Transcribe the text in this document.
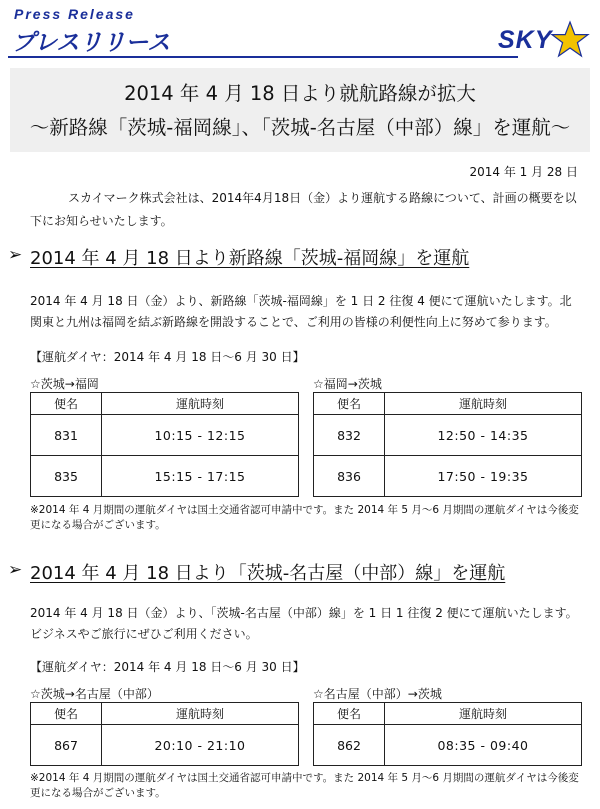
Press Release
プレスリリース	SKY
2014 年 4 月 18 日より就航路線が拡大
～新路線「茨城-福岡線」、「茨城-名古屋（中部）線」を運航～
2014 年 1 月 28 日

スカイマーク株式会社は、2014年4月18日（金）より運航する路線について、計画の概要を以下にお知らせいたします。

➢ 2014 年 4 月 18 日より新路線「茨城-福岡線」を運航
2014 年 4 月 18 日（金）より、新路線「茨城-福岡線」を 1 日 2 往復 4 便にて運航いたします。北関東と九州は福岡を結ぶ新路線を開設することで、ご利用の皆様の利便性向上に努めて参ります。
【運航ダイヤ：2014 年 4 月 18 日～6 月 30 日】
☆茨城→福岡
便名	運航時刻
831	10:15 - 12:15
835	15:15 - 17:15
☆福岡→茨城
便名	運航時刻
832	12:50 - 14:35
836	17:50 - 19:35
※2014 年 4 月期間の運航ダイヤは国土交通省認可申請中です。また 2014 年 5 月～6 月期間の運航ダイヤは今後変更になる場合がございます。
➢ 2014 年 4 月 18 日より「茨城-名古屋（中部）線」を運航
2014 年 4 月 18 日（金）より、「茨城-名古屋（中部）線」を 1 日 1 往復 2 便にて運航いたします。ビジネスやご旅行にぜひご利用ください。
【運航ダイヤ：2014 年 4 月 18 日～6 月 30 日】
☆茨城→名古屋（中部）
便名	運航時刻
867	20:10 - 21:10
☆名古屋（中部）→茨城
便名	運航時刻
862	08:35 - 09:40
※2014 年 4 月期間の運航ダイヤは国土交通省認可申請中です。また 2014 年 5 月～6 月期間の運航ダイヤは今後変更になる場合がございます。
